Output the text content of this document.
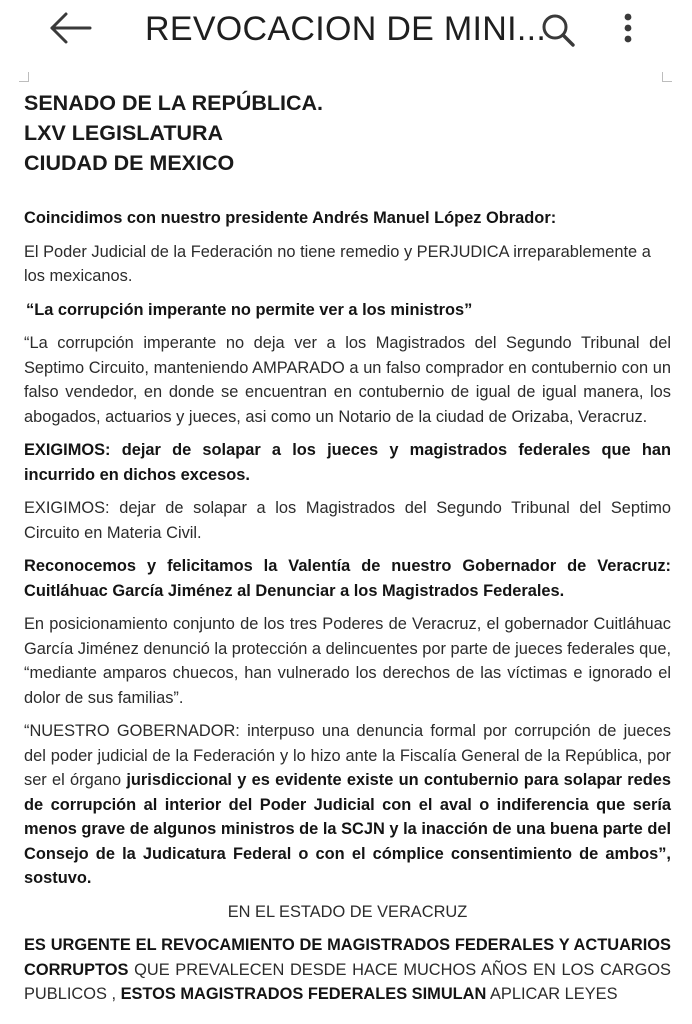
REVOCACION DE MINI...
SENADO DE LA REPÚBLICA.
LXV LEGISLATURA
CIUDAD DE MEXICO

Coincidimos con nuestro presidente Andrés Manuel López Obrador:

El Poder Judicial de la Federación no tiene remedio y PERJUDICA irreparablemente a los mexicanos.

“La corrupción imperante no permite ver a los ministros”

“La corrupción imperante no deja ver a los Magistrados del Segundo Tribunal del Septimo Circuito, manteniendo AMPARADO a un falso comprador en contubernio con un falso vendedor, en donde se encuentran en contubernio de igual de igual manera, los abogados, actuarios y jueces, asi como un Notario de la ciudad de Orizaba, Veracruz.

EXIGIMOS: dejar de solapar a los jueces y magistrados federales que han incurrido en dichos excesos.

EXIGIMOS: dejar de solapar a los Magistrados del Segundo Tribunal del Septimo Circuito en Materia Civil.

Reconocemos y felicitamos la Valentía de nuestro Gobernador de Veracruz: Cuitláhuac García Jiménez al Denunciar a los Magistrados Federales.

En posicionamiento conjunto de los tres Poderes de Veracruz, el gobernador Cuitláhuac García Jiménez denunció la protección a delincuentes por parte de jueces federales que, “mediante amparos chuecos, han vulnerado los derechos de las víctimas e ignorado el dolor de sus familias”.

“NUESTRO GOBERNADOR: interpuso una denuncia formal por corrupción de jueces del poder judicial de la Federación y lo hizo ante la Fiscalía General de la República, por ser el órgano jurisdiccional y es evidente existe un contubernio para solapar redes de corrupción al interior del Poder Judicial con el aval o indiferencia que sería menos grave de algunos ministros de la SCJN y la inacción de una buena parte del Consejo de la Judicatura Federal o con el cómplice consentimiento de ambos”, sostuvo.

EN EL ESTADO DE VERACRUZ

ES URGENTE EL REVOCAMIENTO DE MAGISTRADOS FEDERALES Y ACTUARIOS CORRUPTOS QUE PREVALECEN DESDE HACE MUCHOS AÑOS EN LOS CARGOS PUBLICOS , ESTOS MAGISTRADOS FEDERALES SIMULAN APLICAR LEYES
